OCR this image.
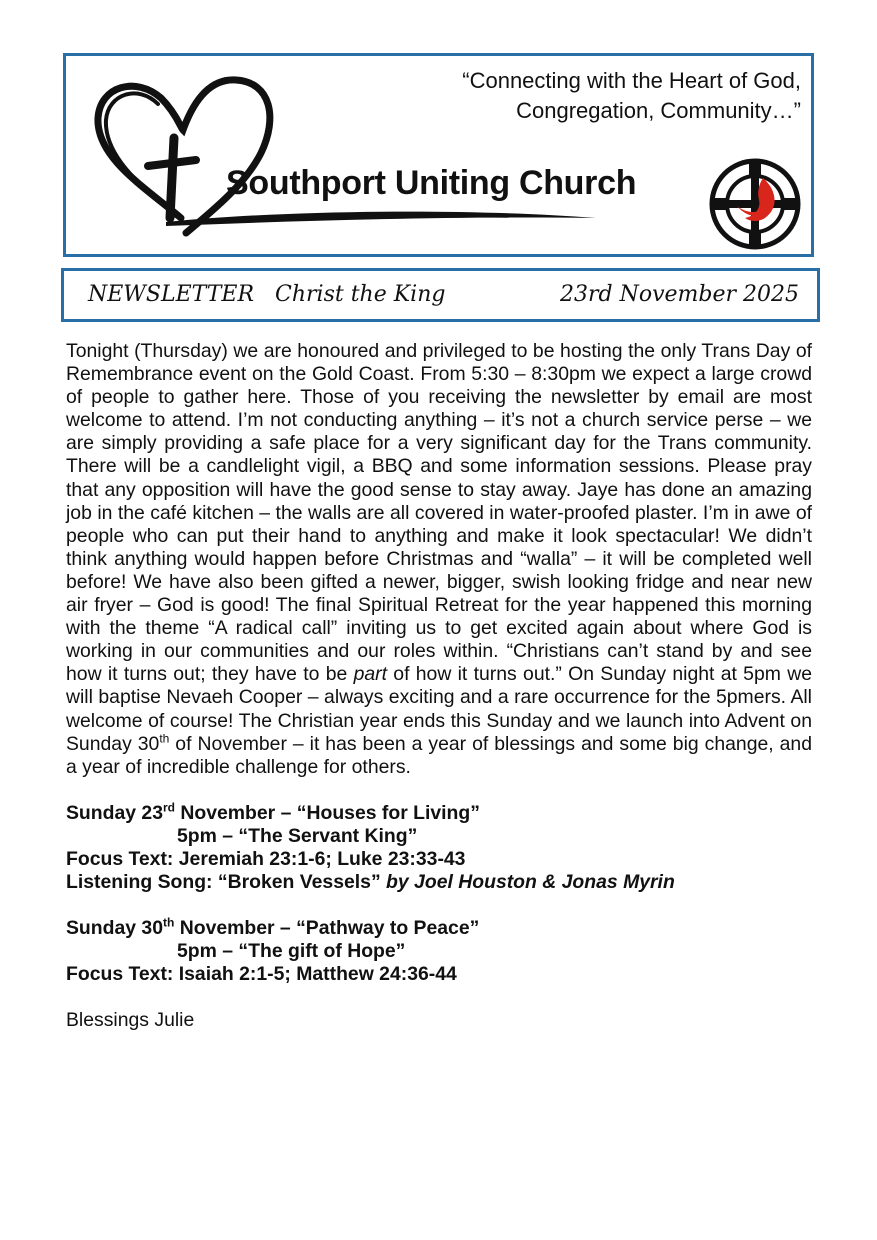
“Connecting with the Heart of God,
Congregation, Community…”
Southport Uniting Church
NEWSLETTER   Christ the King	23rd November 2025

Tonight (Thursday) we are honoured and privileged to be hosting the only Trans Day of Remembrance event on the Gold Coast. From 5:30 – 8:30pm we expect a large crowd of people to gather here. Those of you receiving the newsletter by email are most welcome to attend. I’m not conducting anything – it’s not a church service perse – we are simply providing a safe place for a very significant day for the Trans community. There will be a candlelight vigil, a BBQ and some information sessions. Please pray that any opposition will have the good sense to stay away. Jaye has done an amazing job in the café kitchen – the walls are all covered in water-proofed plaster. I’m in awe of people who can put their hand to anything and make it look spectacular! We didn’t think anything would happen before Christmas and “walla” – it will be completed well before! We have also been gifted a newer, bigger, swish looking fridge and near new air fryer – God is good! The final Spiritual Retreat for the year happened this morning with the theme “A radical call” inviting us to get excited again about where God is working in our communities and our roles within. “Christians can’t stand by and see how it turns out; they have to be part of how it turns out.” On Sunday night at 5pm we will baptise Nevaeh Cooper – always exciting and a rare occurrence for the 5pmers. All welcome of course! The Christian year ends this Sunday and we launch into Advent on Sunday 30th of November – it has been a year of blessings and some big change, and a year of incredible challenge for others.

Sunday 23rd November – “Houses for Living”
5pm – “The Servant King”
Focus Text: Jeremiah 23:1-6; Luke 23:33-43
Listening Song: “Broken Vessels” by Joel Houston & Jonas Myrin
Sunday 30th November – “Pathway to Peace”
5pm – “The gift of Hope”
Focus Text: Isaiah 2:1-5; Matthew 24:36-44
Blessings Julie
